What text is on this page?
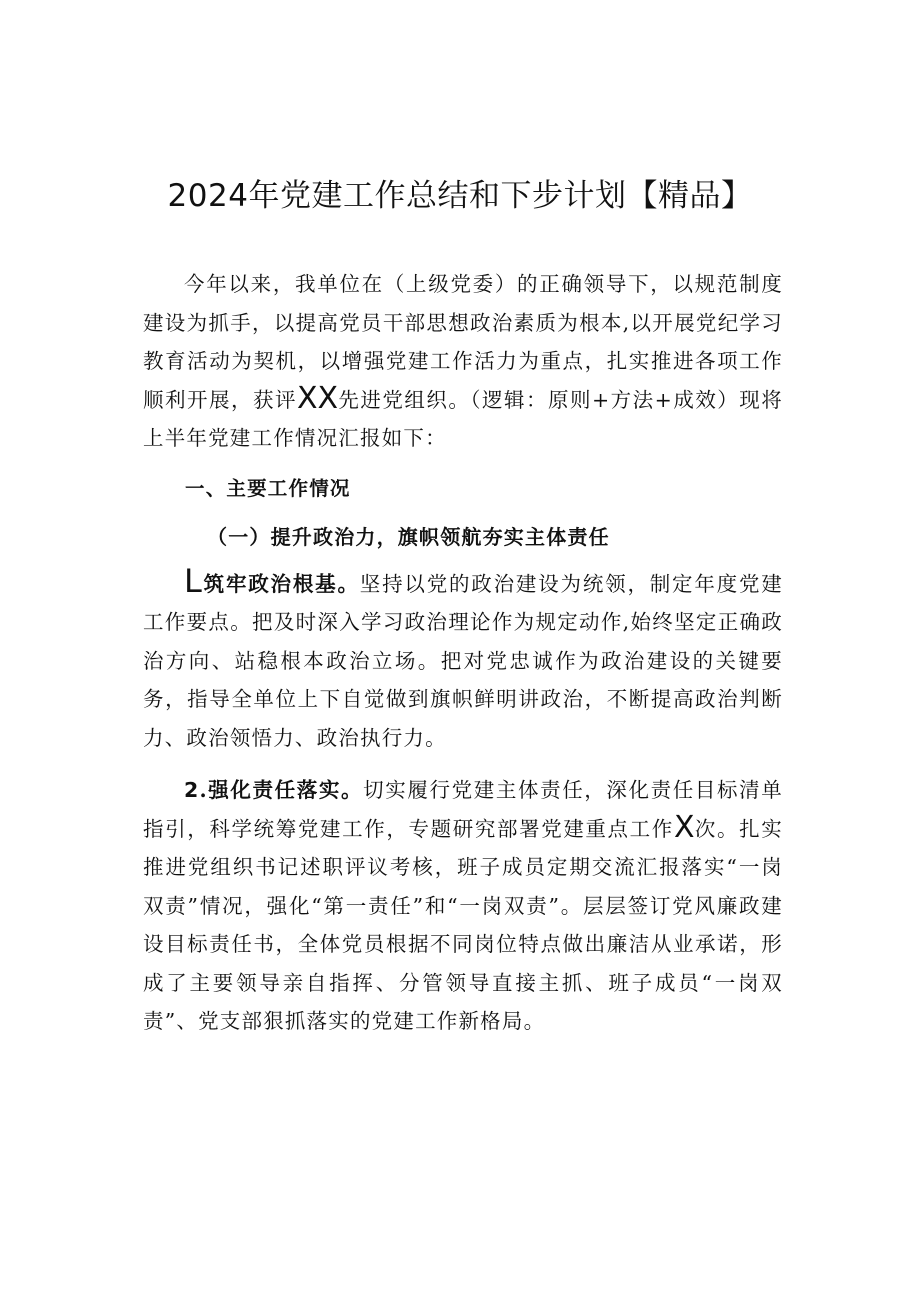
2024年党建工作总结和下步计划【精品】

今年以来，我单位在（上级党委）的正确领导下，以规范制度建设为抓手，以提高党员干部思想政治素质为根本,以开展党纪学习教育活动为契机，以增强党建工作活力为重点，扎实推进各项工作顺利开展，获评XX先进党组织。（逻辑：原则+方法+成效）现将上半年党建工作情况汇报如下：

一、主要工作情况

（一）提升政治力，旗帜领航夯实主体责任

L筑牢政治根基。坚持以党的政治建设为统领，制定年度党建工作要点。把及时深入学习政治理论作为规定动作,始终坚定正确政治方向、站稳根本政治立场。把对党忠诚作为政治建设的关键要务，指导全单位上下自觉做到旗帜鲜明讲政治，不断提高政治判断力、政治领悟力、政治执行力。

2.强化责任落实。切实履行党建主体责任，深化责任目标清单指引，科学统筹党建工作，专题研究部署党建重点工作X次。扎实推进党组织书记述职评议考核，班子成员定期交流汇报落实“一岗双责”情况，强化“第一责任”和“一岗双责”。层层签订党风廉政建设目标责任书，全体党员根据不同岗位特点做出廉洁从业承诺，形成了主要领导亲自指挥、分管领导直接主抓、班子成员“一岗双责”、党支部狠抓落实的党建工作新格局。
